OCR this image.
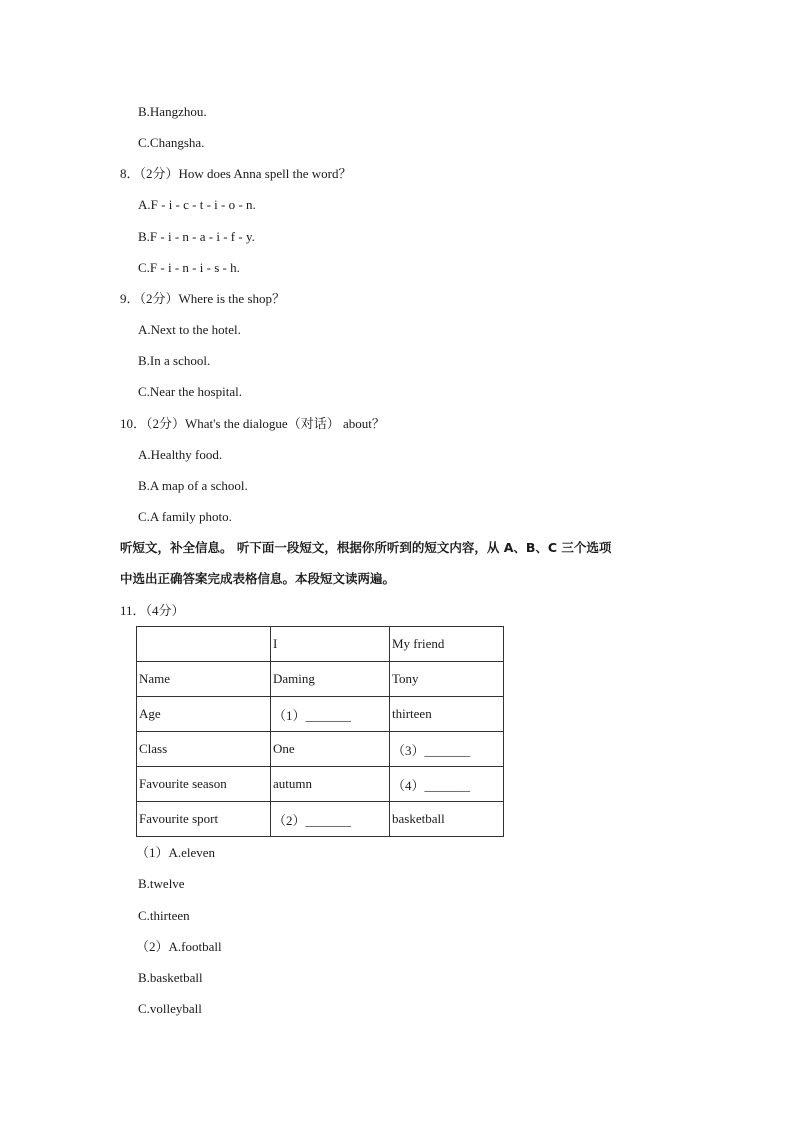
B.Hangzhou.
C.Changsha.
8．（2分）How does Anna spell the word？
A.F - i - c - t - i - o - n.
B.F - i - n - a - i - f - y.
C.F - i - n - i - s - h.
9．（2分）Where is the shop？
A.Next to the hotel.
B.In a school.
C.Near the hospital.
10．（2分）What's the dialogue（对话） about？
A.Healthy food.
B.A map of a school.
C.A family photo.
听短文，补全信息。 听下面一段短文，根据你所听到的短文内容，从 A、B、C 三个选项
中选出正确答案完成表格信息。本段短文读两遍。
11．（4分）
	I	My friend
Name	Daming	Tony
Age	（1）_______	thirteen
Class	One	（3）_______
Favourite season	autumn	（4）_______
Favourite sport	（2）_______	basketball
（1）A.eleven
B.twelve
C.thirteen
（2）A.football
B.basketball
C.volleyball
